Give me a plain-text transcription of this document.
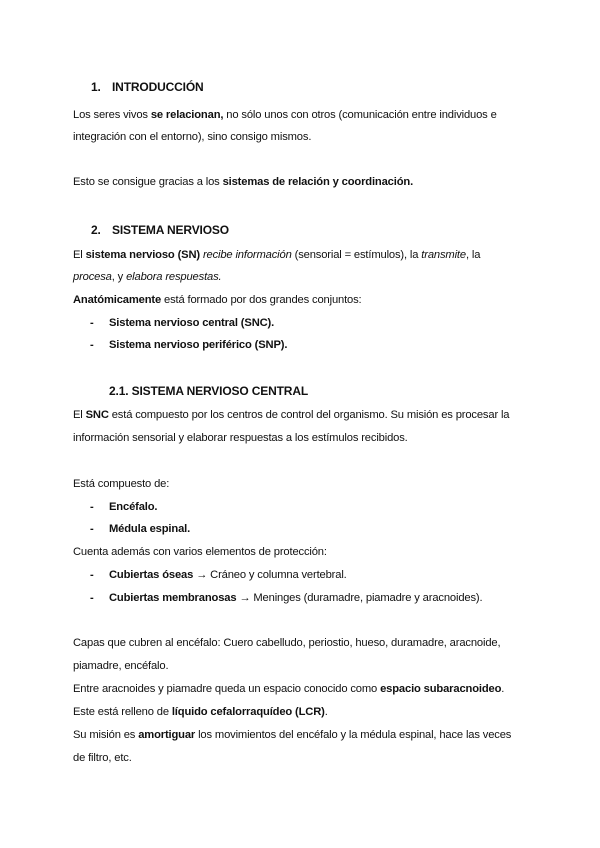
1. INTRODUCCIÓN
Los seres vivos se relacionan, no sólo unos con otros (comunicación entre individuos e
integración con el entorno), sino consigo mismos.
Esto se consigue gracias a los sistemas de relación y coordinación.
2. SISTEMA NERVIOSO
El sistema nervioso (SN) recibe información (sensorial = estímulos), la transmite, la
procesa, y elabora respuestas.
Anatómicamente está formado por dos grandes conjuntos:
- Sistema nervioso central (SNC).
- Sistema nervioso periférico (SNP).
2.1. SISTEMA NERVIOSO CENTRAL
El SNC está compuesto por los centros de control del organismo. Su misión es procesar la
información sensorial y elaborar respuestas a los estímulos recibidos.
Está compuesto de:
- Encéfalo.
- Médula espinal.
Cuenta además con varios elementos de protección:
- Cubiertas óseas → Cráneo y columna vertebral.
- Cubiertas membranosas → Meninges (duramadre, piamadre y aracnoides).
Capas que cubren al encéfalo: Cuero cabelludo, periostio, hueso, duramadre, aracnoide,
piamadre, encéfalo.
Entre aracnoides y piamadre queda un espacio conocido como espacio subaracnoideo.
Este está relleno de líquido cefalorraquídeo (LCR).
Su misión es amortiguar los movimientos del encéfalo y la médula espinal, hace las veces
de filtro, etc.
